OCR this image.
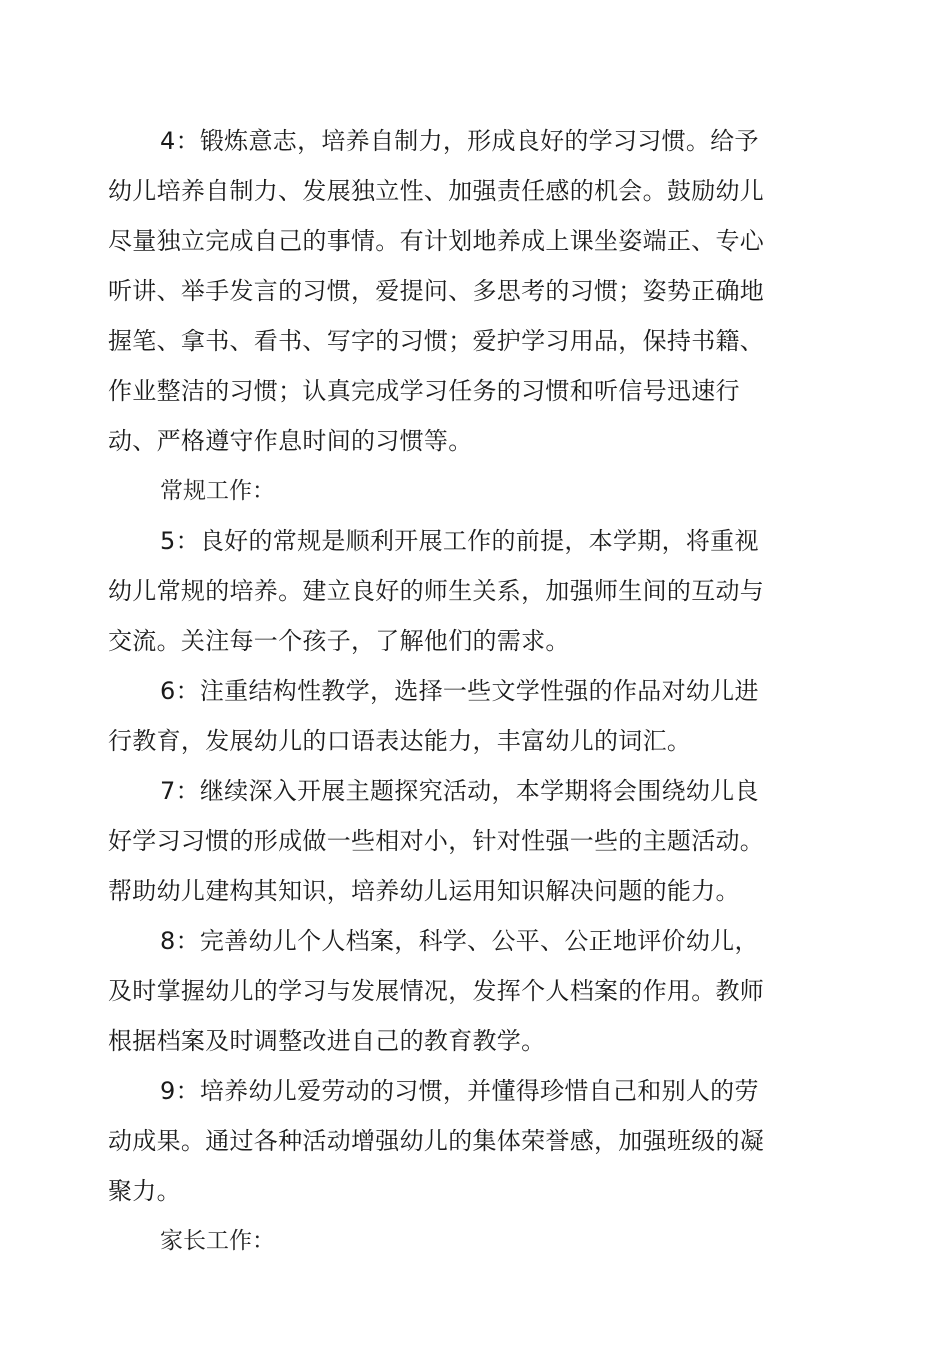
4：锻炼意志，培养自制力，形成良好的学习习惯。给予幼儿培养自制力、发展独立性、加强责任感的机会。鼓励幼儿尽量独立完成自己的事情。有计划地养成上课坐姿端正、专心听讲、举手发言的习惯，爱提问、多思考的习惯；姿势正确地握笔、拿书、看书、写字的习惯；爱护学习用品，保持书籍、作业整洁的习惯；认真完成学习任务的习惯和听信号迅速行动、严格遵守作息时间的习惯等。

常规工作：

5：良好的常规是顺利开展工作的前提，本学期，将重视幼儿常规的培养。建立良好的师生关系，加强师生间的互动与交流。关注每一个孩子，了解他们的需求。

6：注重结构性教学，选择一些文学性强的作品对幼儿进行教育，发展幼儿的口语表达能力，丰富幼儿的词汇。

7：继续深入开展主题探究活动，本学期将会围绕幼儿良好学习习惯的形成做一些相对小，针对性强一些的主题活动。帮助幼儿建构其知识，培养幼儿运用知识解决问题的能力。

8：完善幼儿个人档案，科学、公平、公正地评价幼儿，及时掌握幼儿的学习与发展情况，发挥个人档案的作用。教师根据档案及时调整改进自己的教育教学。

9：培养幼儿爱劳动的习惯，并懂得珍惜自己和别人的劳动成果。通过各种活动增强幼儿的集体荣誉感，加强班级的凝聚力。

家长工作：
